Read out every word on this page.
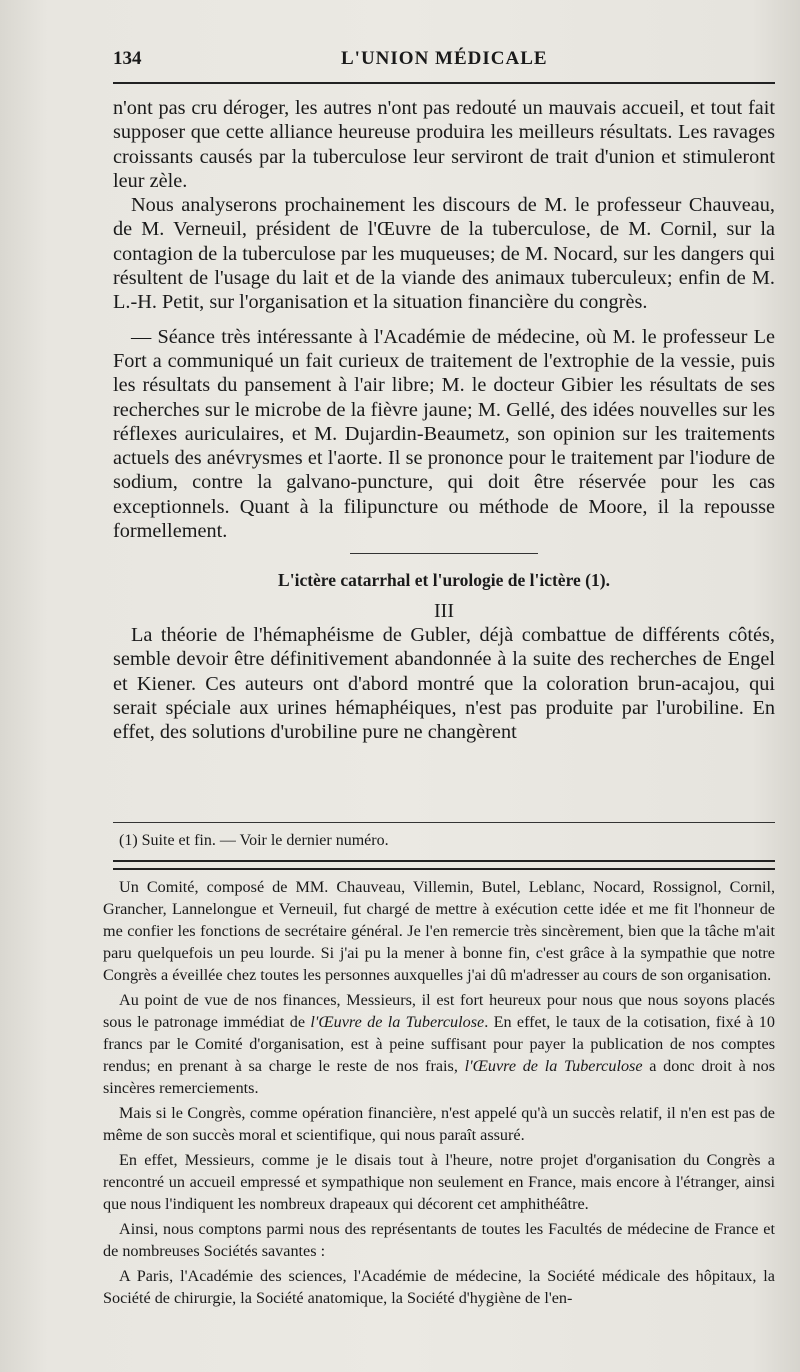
134	L'UNION MÉDICALE

n'ont pas cru déroger, les autres n'ont pas redouté un mauvais accueil, et tout fait supposer que cette alliance heureuse produira les meilleurs résultats. Les ravages croissants causés par la tuberculose leur serviront de trait d'union et stimuleront leur zèle.

Nous analyserons prochainement les discours de M. le professeur Chauveau, de M. Verneuil, président de l'Œuvre de la tuberculose, de M. Cornil, sur la contagion de la tuberculose par les muqueuses; de M. Nocard, sur les dangers qui résultent de l'usage du lait et de la viande des animaux tuberculeux; enfin de M. L.-H. Petit, sur l'organisation et la situation financière du congrès.

— Séance très intéressante à l'Académie de médecine, où M. le professeur Le Fort a communiqué un fait curieux de traitement de l'extrophie de la vessie, puis les résultats du pansement à l'air libre; M. le docteur Gibier les résultats de ses recherches sur le microbe de la fièvre jaune; M. Gellé, des idées nouvelles sur les réflexes auriculaires, et M. Dujardin-Beaumetz, son opinion sur les traitements actuels des anévrysmes et l'aorte. Il se prononce pour le traitement par l'iodure de sodium, contre la galvano-puncture, qui doit être réservée pour les cas exceptionnels. Quant à la filipuncture ou méthode de Moore, il la repousse formellement.

L'ictère catarrhal et l'urologie de l'ictère (1).
III

La théorie de l'hémaphéisme de Gubler, déjà combattue de différents côtés, semble devoir être définitivement abandonnée à la suite des recherches de Engel et Kiener. Ces auteurs ont d'abord montré que la coloration brun-acajou, qui serait spéciale aux urines hémaphéiques, n'est pas produite par l'urobiline. En effet, des solutions d'urobiline pure ne changèrent

(1) Suite et fin. — Voir le dernier numéro.

Un Comité, composé de MM. Chauveau, Villemin, Butel, Leblanc, Nocard, Rossignol, Cornil, Grancher, Lannelongue et Verneuil, fut chargé de mettre à exécution cette idée et me fit l'honneur de me confier les fonctions de secrétaire général. Je l'en remercie très sincèrement, bien que la tâche m'ait paru quelquefois un peu lourde. Si j'ai pu la mener à bonne fin, c'est grâce à la sympathie que notre Congrès a éveillée chez toutes les personnes auxquelles j'ai dû m'adresser au cours de son organisation.

Au point de vue de nos finances, Messieurs, il est fort heureux pour nous que nous soyons placés sous le patronage immédiat de l'Œuvre de la Tuberculose. En effet, le taux de la cotisation, fixé à 10 francs par le Comité d'organisation, est à peine suffisant pour payer la publication de nos comptes rendus; en prenant à sa charge le reste de nos frais, l'Œuvre de la Tuberculose a donc droit à nos sincères remerciements.

Mais si le Congrès, comme opération financière, n'est appelé qu'à un succès relatif, il n'en est pas de même de son succès moral et scientifique, qui nous paraît assuré.

En effet, Messieurs, comme je le disais tout à l'heure, notre projet d'organisation du Congrès a rencontré un accueil empressé et sympathique non seulement en France, mais encore à l'étranger, ainsi que nous l'indiquent les nombreux drapeaux qui décorent cet amphithéâtre.

Ainsi, nous comptons parmi nous des représentants de toutes les Facultés de médecine de France et de nombreuses Sociétés savantes :

A Paris, l'Académie des sciences, l'Académie de médecine, la Société médicale des hôpitaux, la Société de chirurgie, la Société anatomique, la Société d'hygiène de l'en-
